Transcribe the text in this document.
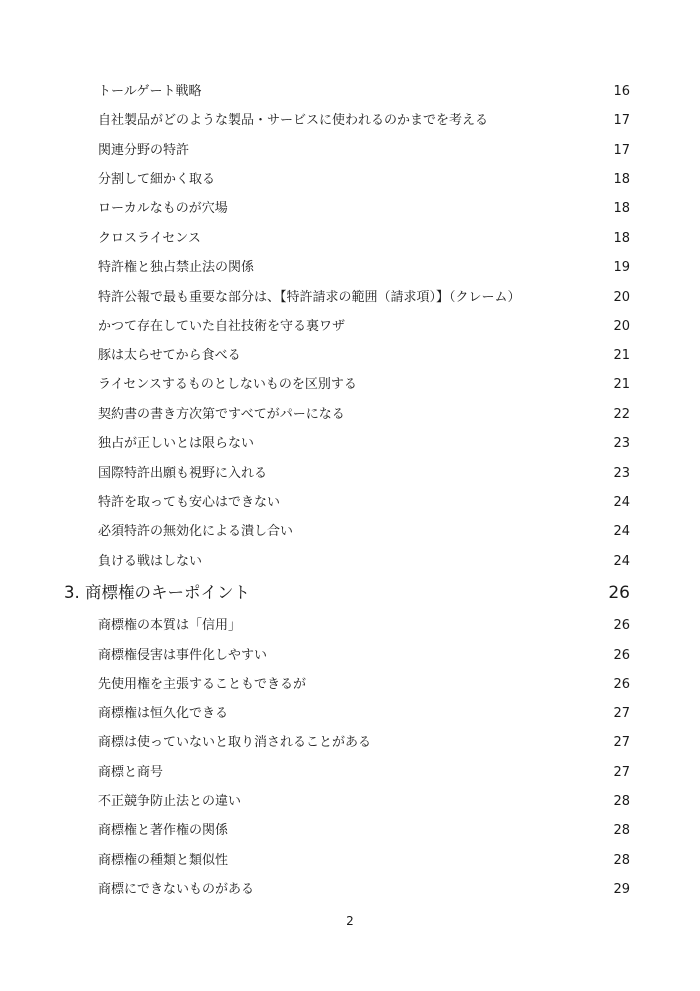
トールゲート戦略	16
自社製品がどのような製品・サービスに使われるのかまでを考える	17
関連分野の特許	17
分割して細かく取る	18
ローカルなものが穴場	18
クロスライセンス	18
特許権と独占禁止法の関係	19
特許公報で最も重要な部分は、【特許請求の範囲（請求項）】（クレーム）	20
かつて存在していた自社技術を守る裏ワザ	20
豚は太らせてから食べる	21
ライセンスするものとしないものを区別する	21
契約書の書き方次第ですべてがパーになる	22
独占が正しいとは限らない	23
国際特許出願も視野に入れる	23
特許を取っても安心はできない	24
必須特許の無効化による潰し合い	24
負ける戦はしない	24
3. 商標権のキーポイント	26
商標権の本質は「信用」	26
商標権侵害は事件化しやすい	26
先使用権を主張することもできるが	26
商標権は恒久化できる	27
商標は使っていないと取り消されることがある	27
商標と商号	27
不正競争防止法との違い	28
商標権と著作権の関係	28
商標権の種類と類似性	28
商標にできないものがある	29
2
